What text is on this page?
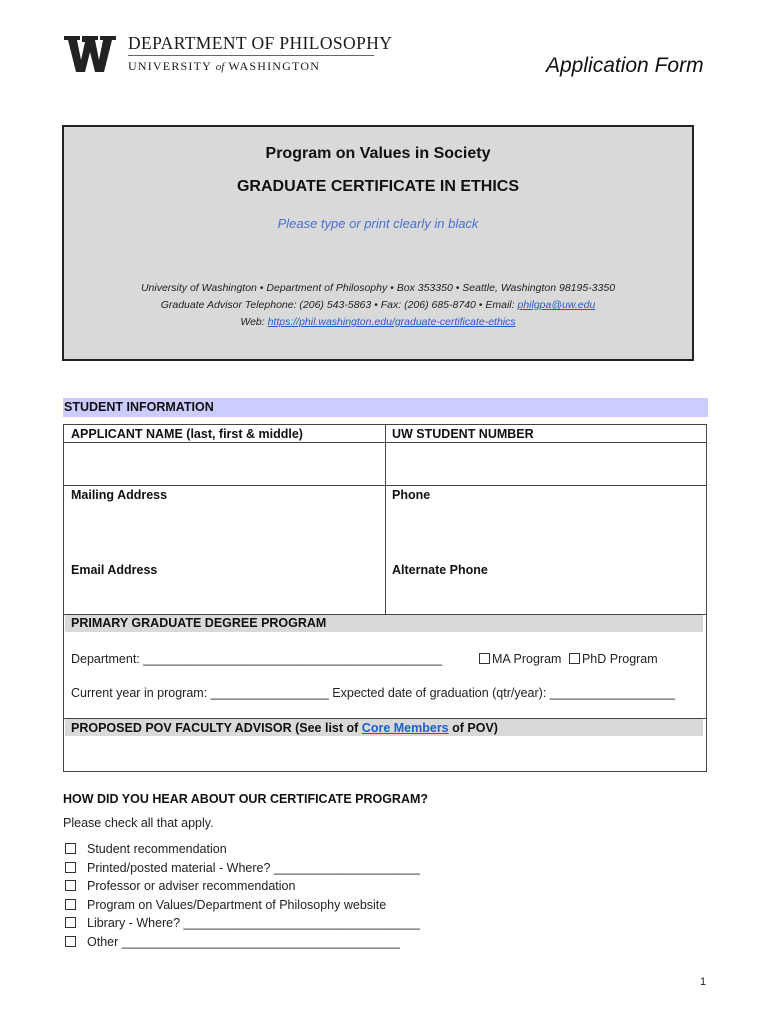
DEPARTMENT OF PHILOSOPHY
UNIVERSITY of WASHINGTON	Application Form
Program on Values in Society
GRADUATE CERTIFICATE IN ETHICS
Please type or print clearly in black
University of Washington • Department of Philosophy • Box 353350 • Seattle, Washington 98195-3350
Graduate Advisor Telephone: (206) 543-5863 • Fax: (206) 685-8740 • Email: philgpa@uw.edu
Web: https://phil.washington.edu/graduate-certificate-ethics
STUDENT INFORMATION
APPLICANT NAME (last, first & middle)	UW STUDENT NUMBER
Mailing Address	Phone
Email Address	Alternate Phone
PRIMARY GRADUATE DEGREE PROGRAM
Department: ___________________________________________	MA Program PhD Program
Current year in program: _________________ Expected date of graduation (qtr/year): __________________
PROPOSED POV FACULTY ADVISOR (See list of Core Members of POV)
HOW DID YOU HEAR ABOUT OUR CERTIFICATE PROGRAM?
Please check all that apply.
Student recommendation
Printed/posted material - Where? _____________________
Professor or adviser recommendation
Program on Values/Department of Philosophy website
Library - Where? __________________________________
Other ________________________________________
1
